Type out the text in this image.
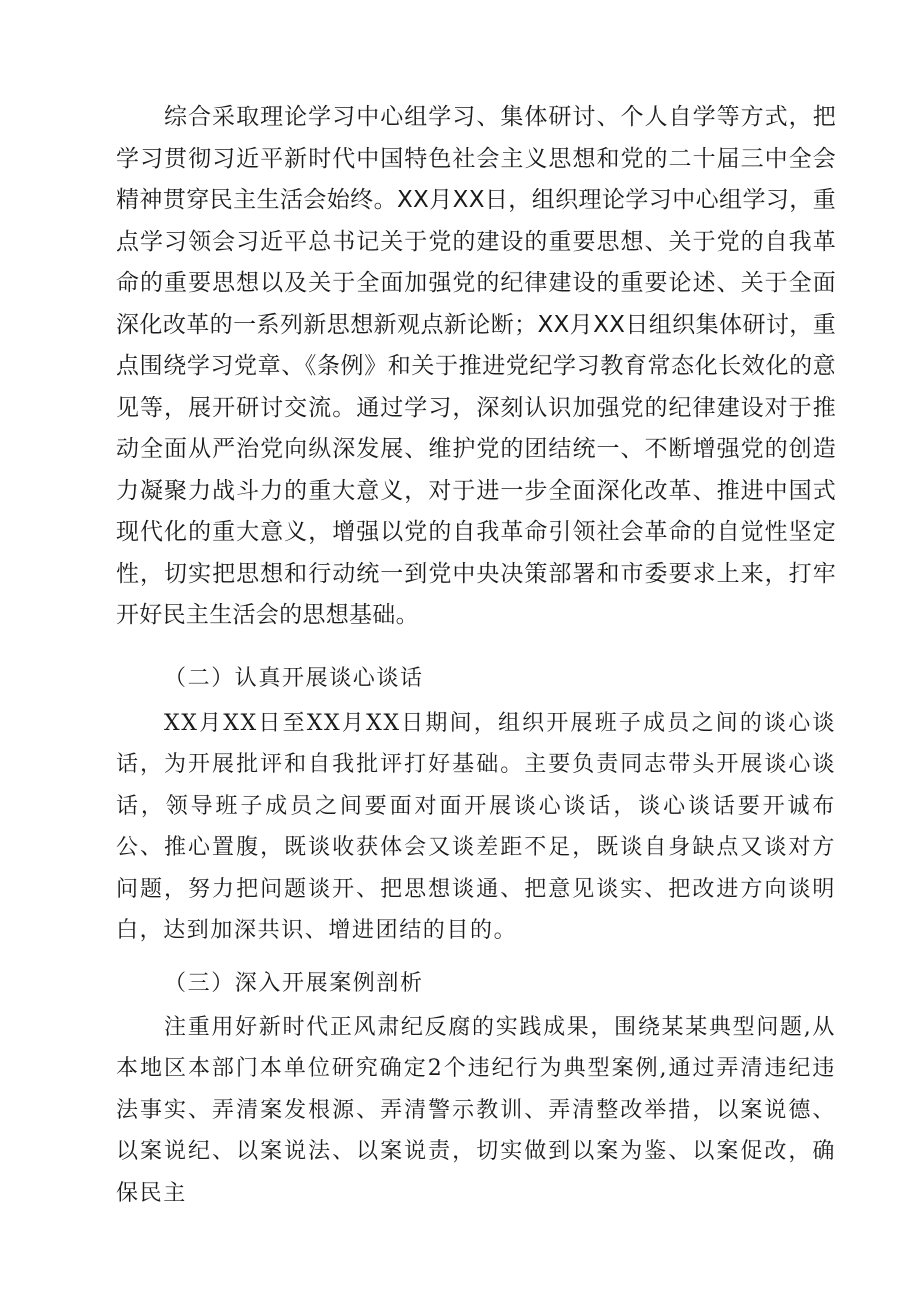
综合采取理论学习中心组学习、集体研讨、个人自学等方式，把学习贯彻习近平新时代中国特色社会主义思想和党的二十届三中全会精神贯穿民主生活会始终。XX月XX日，组织理论学习中心组学习，重点学习领会习近平总书记关于党的建设的重要思想、关于党的自我革命的重要思想以及关于全面加强党的纪律建设的重要论述、关于全面深化改革的一系列新思想新观点新论断；XX月XX日组织集体研讨，重点围绕学习党章、《条例》和关于推进党纪学习教育常态化长效化的意见等，展开研讨交流。通过学习，深刻认识加强党的纪律建设对于推动全面从严治党向纵深发展、维护党的团结统一、不断增强党的创造力凝聚力战斗力的重大意义，对于进一步全面深化改革、推进中国式现代化的重大意义，增强以党的自我革命引领社会革命的自觉性坚定性，切实把思想和行动统一到党中央决策部署和市委要求上来，打牢开好民主生活会的思想基础。

（二）认真开展谈心谈话

XX月XX日至XX月XX日期间，组织开展班子成员之间的谈心谈话，为开展批评和自我批评打好基础。主要负责同志带头开展谈心谈话，领导班子成员之间要面对面开展谈心谈话，谈心谈话要开诚布公、推心置腹，既谈收获体会又谈差距不足，既谈自身缺点又谈对方问题，努力把问题谈开、把思想谈通、把意见谈实、把改进方向谈明白，达到加深共识、增进团结的目的。

（三）深入开展案例剖析

注重用好新时代正风肃纪反腐的实践成果，围绕某某典型问题,从本地区本部门本单位研究确定2个违纪行为典型案例,通过弄清违纪违法事实、弄清案发根源、弄清警示教训、弄清整改举措，以案说德、以案说纪、以案说法、以案说责，切实做到以案为鉴、以案促改，确保民主
